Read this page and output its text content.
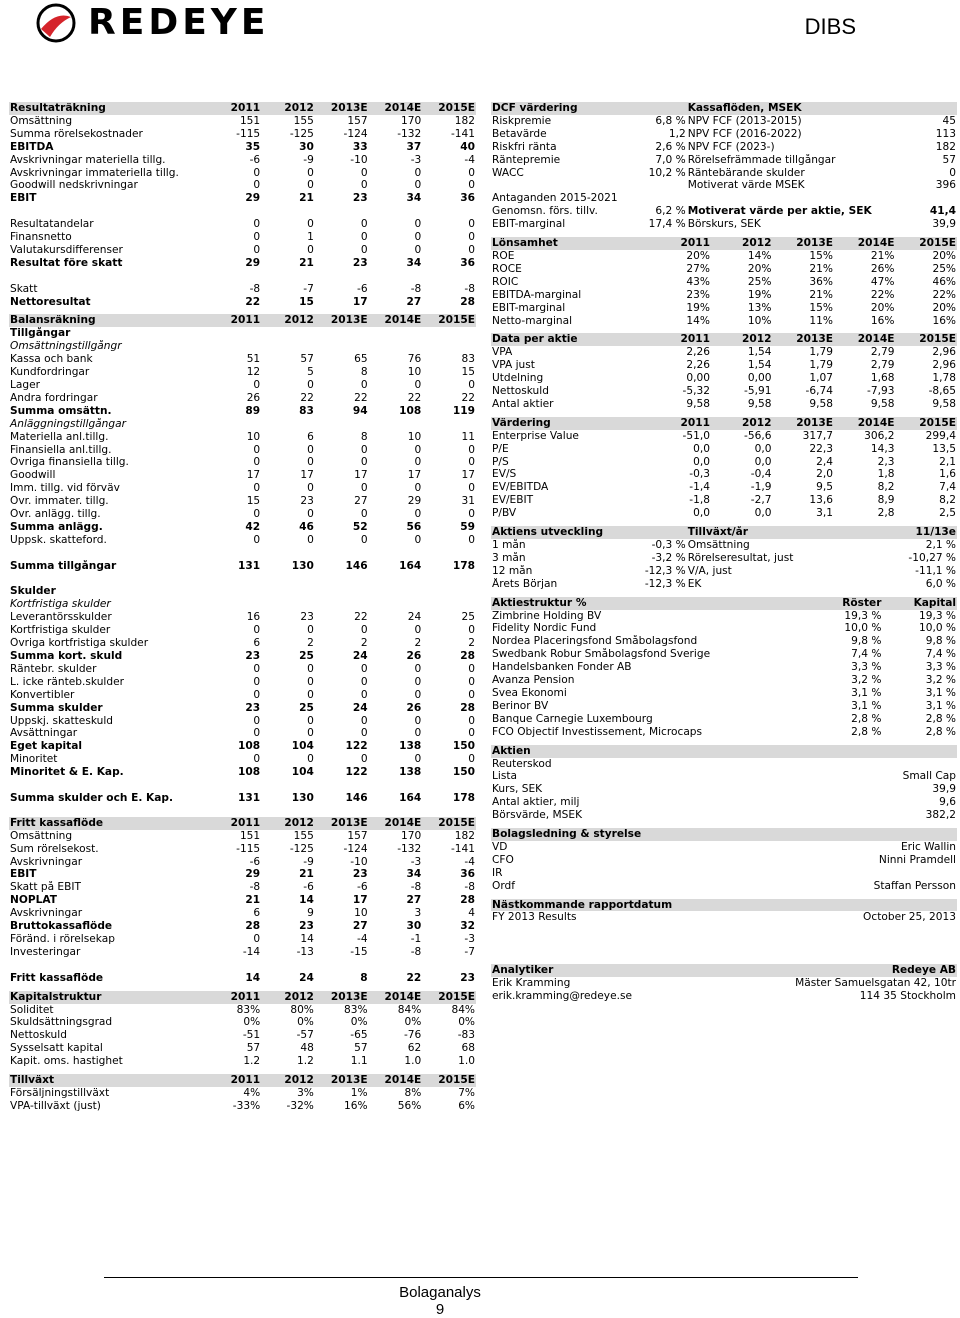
REDEYE	DIBS
Resultaträkning	2011	2012	2013E	2014E	2015E
Omsättning	151	155	157	170	182
Summa rörelsekostnader	-115	-125	-124	-132	-141
EBITDA	35	30	33	37	40
Avskrivningar materiella tillg.	-6	-9	-10	-3	-4
Avskrivningar immateriella tillg.	0	0	0	0	0
Goodwill nedskrivningar	0	0	0	0	0
EBIT	29	21	23	34	36

Resultatandelar	0	0	0	0	0
Finansnetto	0	1	0	0	0
Valutakursdifferenser	0	0	0	0	0
Resultat före skatt	29	21	23	34	36

Skatt	-8	-7	-6	-8	-8
Nettoresultat	22	15	17	27	28
Balansräkning	2011	2012	2013E	2014E	2015E
Tillgångar					
Omsättningstillgångr					
Kassa och bank	51	57	65	76	83
Kundfordringar	12	5	8	10	15
Lager	0	0	0	0	0
Andra fordringar	26	22	22	22	22
Summa omsättn.	89	83	94	108	119
Anläggningstillgångar					
Materiella anl.tillg.	10	6	8	10	11
Finansiella anl.tillg.	0	0	0	0	0
Övriga finansiella tillg.	0	0	0	0	0
Goodwill	17	17	17	17	17
Imm. tillg. vid förväv	0	0	0	0	0
Övr. immater. tillg.	15	23	27	29	31
Övr. anlägg. tillg.	0	0	0	0	0
Summa anlägg.	42	46	52	56	59
Uppsk. skatteford.	0	0	0	0	0

Summa tillgångar	131	130	146	164	178

Skulder					
Kortfristiga skulder					
Leverantörsskulder	16	23	22	24	25
Kortfristiga skulder	0	0	0	0	0
Övriga kortfristiga skulder	6	2	2	2	2
Summa kort. skuld	23	25	24	26	28
Räntebr. skulder	0	0	0	0	0
L. icke ränteb.skulder	0	0	0	0	0
Konvertibler	0	0	0	0	0
Summa skulder	23	25	24	26	28
Uppskj. skatteskuld	0	0	0	0	0
Avsättningar	0	0	0	0	0
Eget kapital	108	104	122	138	150
Minoritet	0	0	0	0	0
Minoritet & E. Kap.	108	104	122	138	150

Summa skulder och E. Kap.	131	130	146	164	178
Fritt kassaflöde	2011	2012	2013E	2014E	2015E
Omsättning	151	155	157	170	182
Sum rörelsekost.	-115	-125	-124	-132	-141
Avskrivningar	-6	-9	-10	-3	-4
EBIT	29	21	23	34	36
Skatt på EBIT	-8	-6	-6	-8	-8
NOPLAT	21	14	17	27	28
Avskrivningar	6	9	10	3	4
Bruttokassaflöde	28	23	27	30	32
Föränd. i rörelsekap	0	14	-4	-1	-3
Investeringar	-14	-13	-15	-8	-7

Fritt kassaflöde	14	24	8	22	23
Kapitalstruktur	2011	2012	2013E	2014E	2015E
Soliditet	83%	80%	83%	84%	84%
Skuldsättningsgrad	0%	0%	0%	0%	0%
Nettoskuld	-51	-57	-65	-76	-83
Sysselsatt kapital	57	48	57	62	68
Kapit. oms. hastighet	1.2	1.2	1.1	1.0	1.0
Tillväxt	2011	2012	2013E	2014E	2015E
Försäljningstillväxt	4%	3%	1%	8%	7%
VPA-tillväxt (just)	-33%	-32%	16%	56%	6%
DCF värdering		Kassaflöden, MSEK	
Riskpremie	6,8 %	NPV FCF (2013-2015)	45
Betavärde	1,2	NPV FCF (2016-2022)	113
Riskfri ränta	2,6 %	NPV FCF (2023-)	182
Räntepremie	7,0 %	Rörelsefrämmade tillgångar	57
WACC	10,2 %	Räntebärande skulder	0
		Motiverat värde MSEK	396
Antaganden 2015-2021			
Genomsn. förs. tillv.	6,2 %	Motiverat värde per aktie, SEK	41,4
EBIT-marginal	17,4 %	Börskurs, SEK	39,9
Lönsamhet	2011	2012	2013E	2014E	2015E
ROE	20%	14%	15%	21%	20%
ROCE	27%	20%	21%	26%	25%
ROIC	43%	25%	36%	47%	46%
EBITDA-marginal	23%	19%	21%	22%	22%
EBIT-marginal	19%	13%	15%	20%	20%
Netto-marginal	14%	10%	11%	16%	16%
Data per aktie	2011	2012	2013E	2014E	2015E
VPA	2,26	1,54	1,79	2,79	2,96
VPA just	2,26	1,54	1,79	2,79	2,96
Utdelning	0,00	0,00	1,07	1,68	1,78
Nettoskuld	-5,32	-5,91	-6,74	-7,93	-8,65
Antal aktier	9,58	9,58	9,58	9,58	9,58
Värdering	2011	2012	2013E	2014E	2015E
Enterprise Value	-51,0	-56,6	317,7	306,2	299,4
P/E	0,0	0,0	22,3	14,3	13,5
P/S	0,0	0,0	2,4	2,3	2,1
EV/S	-0,3	-0,4	2,0	1,8	1,6
EV/EBITDA	-1,4	-1,9	9,5	8,2	7,4
EV/EBIT	-1,8	-2,7	13,6	8,9	8,2
P/BV	0,0	0,0	3,1	2,8	2,5
Aktiens utveckling		Tillväxt/år	11/13e
1 mån	-0,3 %	Omsättning	2,1 %
3 mån	-3,2 %	Rörelseresultat, just	-10,27 %
12 mån	-12,3 %	V/A, just	-11,1 %
Årets Början	-12,3 %	EK	6,0 %
Aktiestruktur %	Röster	Kapital
Zimbrine Holding BV	19,3 %	19,3 %
Fidelity Nordic Fund	10,0 %	10,0 %
Nordea Placeringsfond Småbolagsfond	9,8 %	9,8 %
Swedbank Robur Småbolagsfond Sverige	7,4 %	7,4 %
Handelsbanken Fonder AB	3,3 %	3,3 %
Avanza Pension	3,2 %	3,2 %
Svea Ekonomi	3,1 %	3,1 %
Berinor BV	3,1 %	3,1 %
Banque Carnegie Luxembourg	2,8 %	2,8 %
FCO Objectif Investissement, Microcaps	2,8 %	2,8 %
Aktien	
Reuterskod	
Lista	Small Cap
Kurs, SEK	39,9
Antal aktier, milj	9,6
Börsvärde, MSEK	382,2
Bolagsledning & styrelse	
VD	Eric Wallin
CFO	Ninni Pramdell
IR	
Ordf	Staffan Persson
Nästkommande rapportdatum	
FY 2013 Results	October 25, 2013
Analytiker	Redeye AB
Erik Kramming	Mäster Samuelsgatan 42, 10tr
erik.kramming@redeye.se	114 35 Stockholm
Bolaganalys
9
